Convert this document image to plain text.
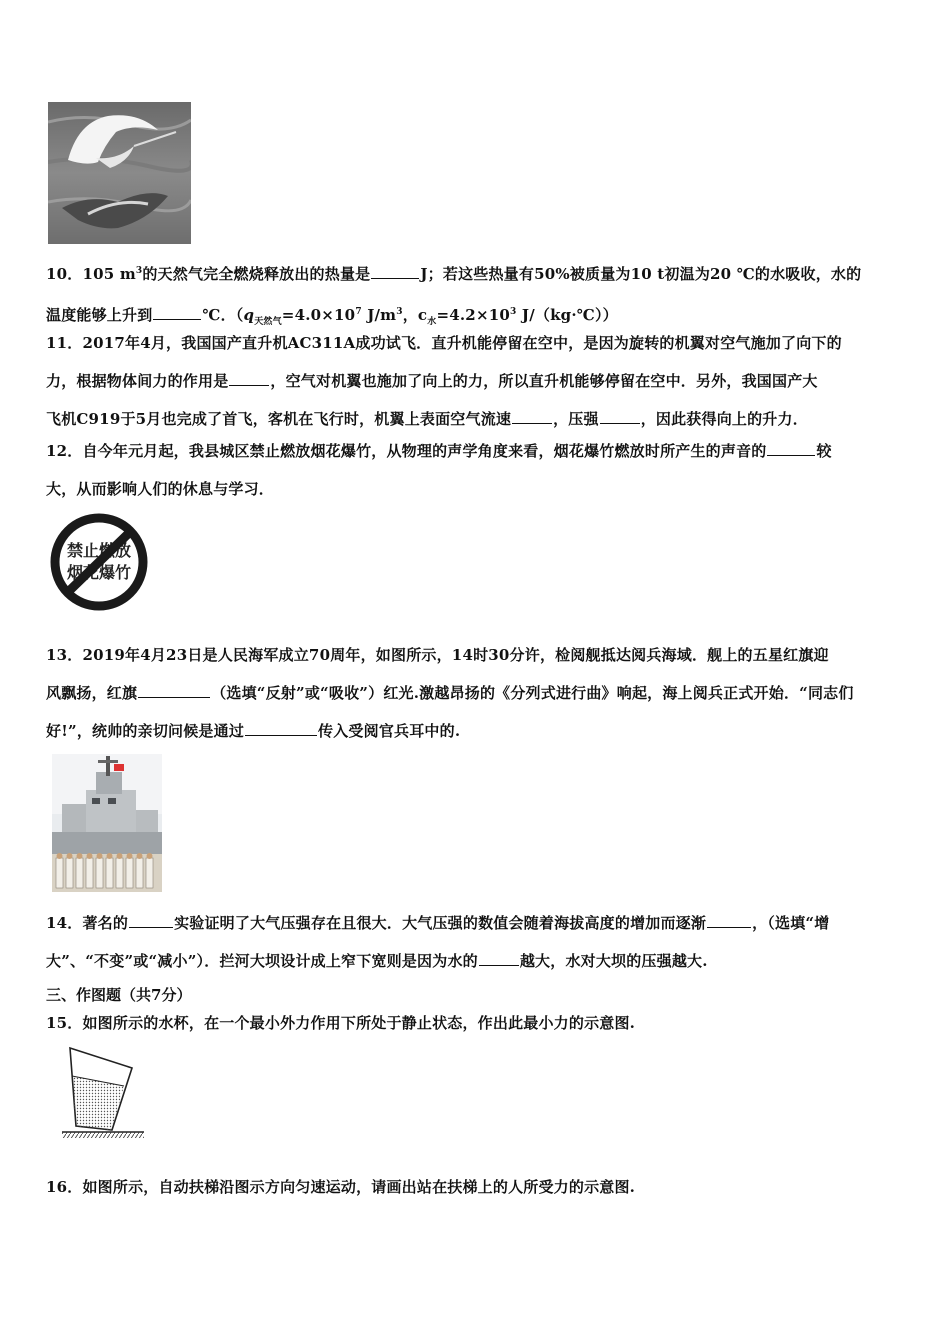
10．105 $m^3$的天然气完全燃烧释放出的热量是	J；若这些热量有50%被质量为10 t初温为20 ℃的水吸收，水的

温度能够上升到	℃．（$q_{天然气}=4.0\times 10^7$ $J/m^3$，$c_水=4.2\times 10^3$ J/（kg·℃））

11．2017年4月，我国国产直升机AC311A成功试飞．直升机能停留在空中，是因为旋转的机翼对空气施加了向下的

力，根据物体间力的作用是	，空气对机翼也施加了向上的力，所以直升机能够停留在空中．另外，我国国产大

飞机C919于5月也完成了首飞，客机在飞行时，机翼上表面空气流速	，压强	，因此获得向上的升力．

12．自今年元月起，我县城区禁止燃放烟花爆竹，从物理的声学角度来看，烟花爆竹燃放时所产生的声音的	较

大，从而影响人们的休息与学习．

禁止燃放
烟花爆竹

13．2019年4月23日是人民海军成立70周年，如图所示，14时30分许，检阅舰抵达阅兵海域．舰上的五星红旗迎

风飘扬，红旗	（选填“反射”或“吸收”）红光.激越昂扬的《分列式进行曲》响起，海上阅兵正式开始．“同志们

好!”，统帅的亲切问候是通过	传入受阅官兵耳中的.

14．著名的	实验证明了大气压强存在且很大．大气压强的数值会随着海拔高度的增加而逐渐	，（选填“增

大”、“不变”或“减小”）．拦河大坝设计成上窄下宽则是因为水的	越大，水对大坝的压强越大.

三、作图题（共7分）

15．如图所示的水杯，在一个最小外力作用下所处于静止状态，作出此最小力的示意图.

16．如图所示，自动扶梯沿图示方向匀速运动，请画出站在扶梯上的人所受力的示意图.
